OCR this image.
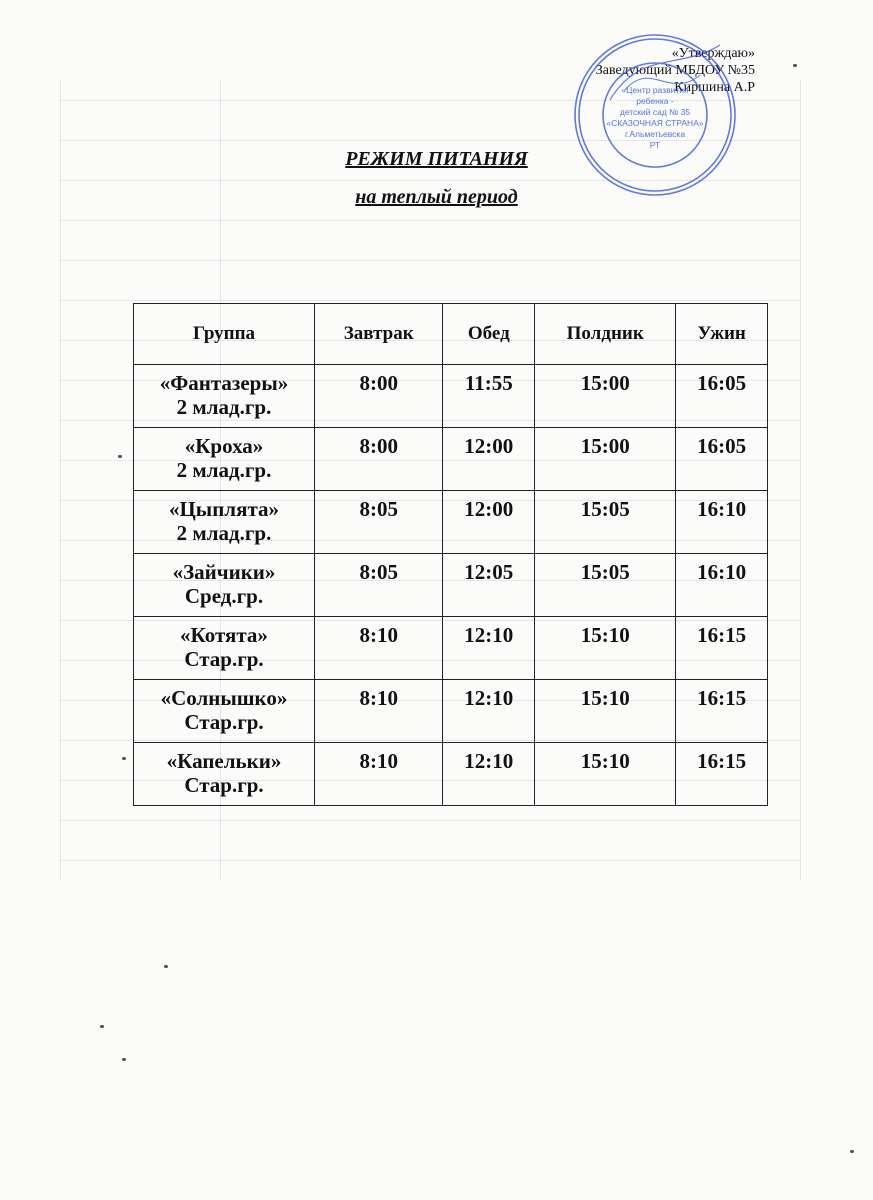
«Утверждаю»
Заведующий МБДОУ №35
Киршина А.Р
«Центр развития
ребенка -
детский сад № 35
«СКАЗОЧНАЯ СТРАНА»
г.Альметьевска
РТ
РЕЖИМ ПИТАНИЯ
на теплый период
Группа	Завтрак	Обед	Полдник	Ужин

«Фантазеры»
2 млад.гр.	8:00	11:55	15:00	16:05

«Кроха»
2 млад.гр.	8:00	12:00	15:00	16:05

«Цыплята»
2 млад.гр.	8:05	12:00	15:05	16:10

«Зайчики»
Сред.гр.	8:05	12:05	15:05	16:10

«Котята»
Стар.гр.	8:10	12:10	15:10	16:15

«Солнышко»
Стар.гр.	8:10	12:10	15:10	16:15

«Капельки»
Стар.гр.	8:10	12:10	15:10	16:15
